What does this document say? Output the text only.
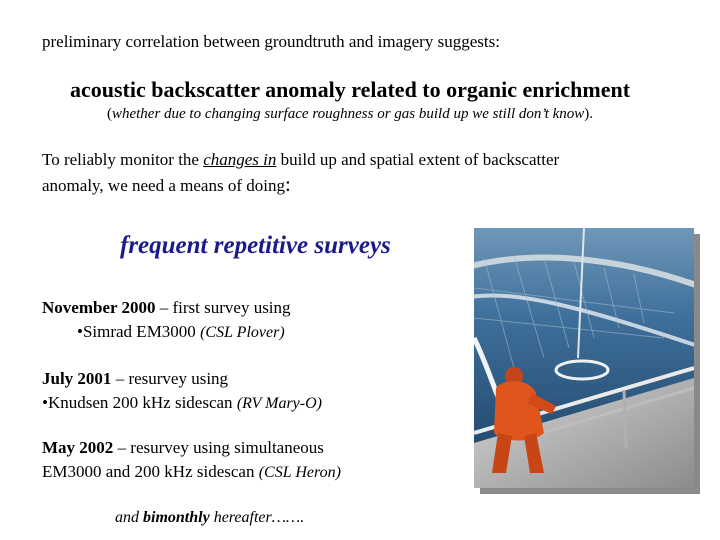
preliminary correlation between groundtruth and imagery suggests:
acoustic backscatter anomaly related to organic enrichment
(whether due to changing surface roughness or gas build up we still don’t know).
To reliably monitor the changes in build up and spatial extent of backscatter
anomaly, we need a means of doing:
frequent repetitive surveys
November 2000 – first survey using
•Simrad EM3000 (CSL Plover)
July 2001 – resurvey using
•Knudsen 200 kHz sidescan (RV Mary-O)
May 2002 – resurvey using simultaneous
EM3000 and 200 kHz sidescan (CSL Heron)
and bimonthly hereafter…….
